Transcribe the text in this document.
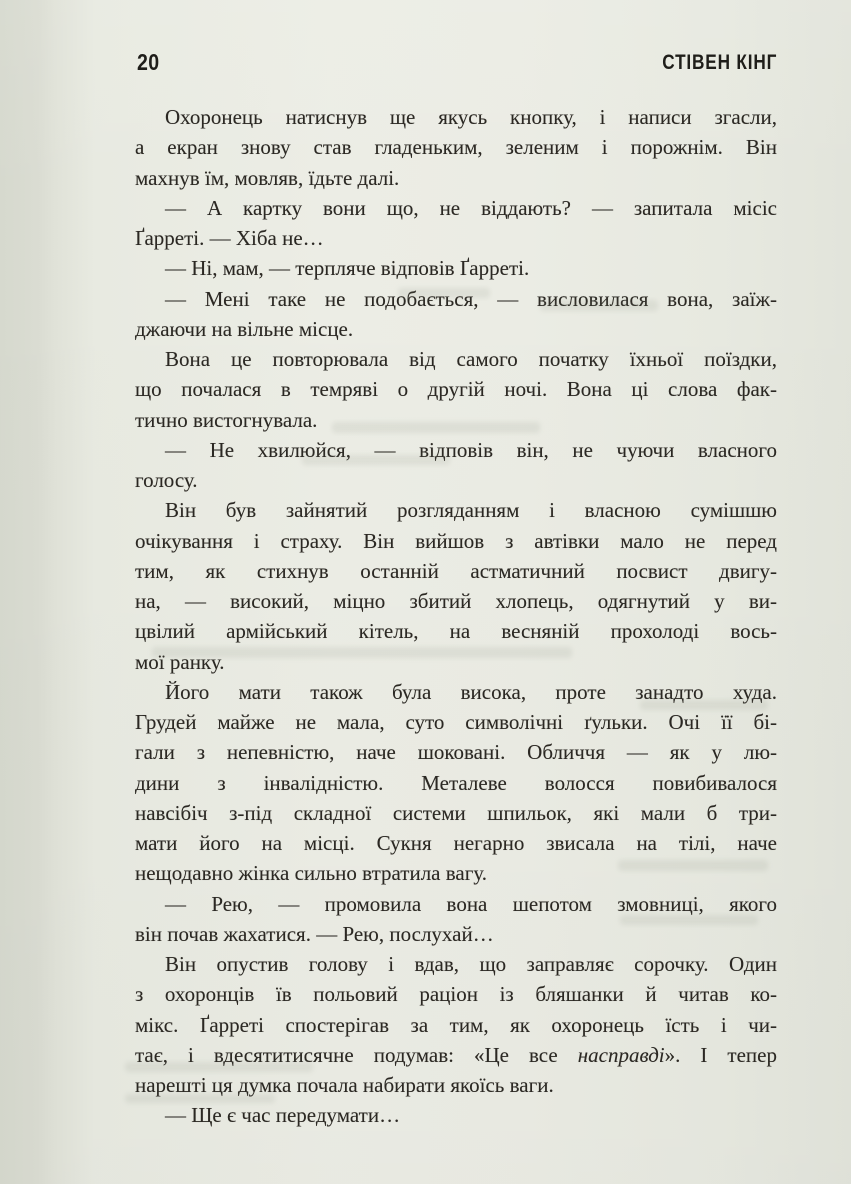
20	СТІВЕН КІНГ
Охоронець натиснув ще якусь кнопку, і написи згасли,
а екран знову став гладеньким, зеленим і порожнім. Він
махнув їм, мовляв, їдьте далі.
— А картку вони що, не віддають? — запитала місіс
Ґарреті. — Хіба не…
— Ні, мам, — терпляче відповів Ґарреті.
— Мені таке не подобається, — висловилася вона, заїж-
джаючи на вільне місце.
Вона це повторювала від самого початку їхньої поїздки,
що почалася в темряві о другій ночі. Вона ці слова фак-
тично вистогнувала.
— Не хвилюйся, — відповів він, не чуючи власного
голосу.
Він був зайнятий розгляданням і власною сумішшю
очікування і страху. Він вийшов з автівки мало не перед
тим, як стихнув останній астматичний посвист двигу-
на, — високий, міцно збитий хлопець, одягнутий у ви-
цвілий армійський кітель, на весняній прохолоді вось-
мої ранку.
Його мати також була висока, проте занадто худа.
Грудей майже не мала, суто символічні ґульки. Очі її бі-
гали з непевністю, наче шоковані. Обличчя — як у лю-
дини з інвалідністю. Металеве волосся повибивалося
навсібіч з-під складної системи шпильок, які мали б три-
мати його на місці. Сукня негарно звисала на тілі, наче
нещодавно жінка сильно втратила вагу.
— Рею, — промовила вона шепотом змовниці, якого
він почав жахатися. — Рею, послухай…
Він опустив голову і вдав, що заправляє сорочку. Один
з охоронців їв польовий раціон із бляшанки й читав ко-
мікс. Ґарреті спостерігав за тим, як охоронець їсть і чи-
тає, і вдесятитисячне подумав: «Це все насправді». І тепер
нарешті ця думка почала набирати якоїсь ваги.
— Ще є час передумати…
